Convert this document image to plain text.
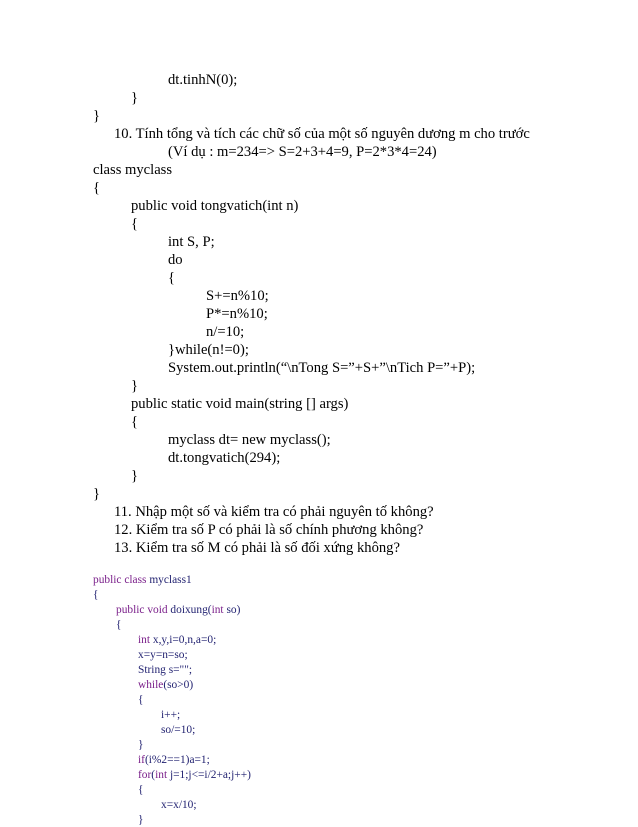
dt.tinhN(0);
}
}
10. Tính tổng và tích các chữ số của một số nguyên dương m cho trước
(Ví dụ : m=234=> S=2+3+4=9, P=2*3*4=24)
class myclass
{
public void tongvatich(int n)
{
int S, P;
do
{
S+=n%10;
P*=n%10;
n/=10;
}while(n!=0);
System.out.println(“\nTong S=”+S+”\nTich P=”+P);
}
public static void main(string [] args)
{
myclass dt= new myclass();
dt.tongvatich(294);
}
}
11. Nhập một số và kiểm tra có phải nguyên tố không?
12. Kiểm tra số P có phải là số chính phương không?
13. Kiểm tra số M có phải là số đối xứng không?
public class myclass1
{
public void doixung(int so)
{
int x,y,i=0,n,a=0;
x=y=n=so;
String s="";
while(so>0)
{
i++;
so/=10;
}
if(i%2==1)a=1;
for(int j=1;j<=i/2+a;j++)
{
x=x/10;
}
